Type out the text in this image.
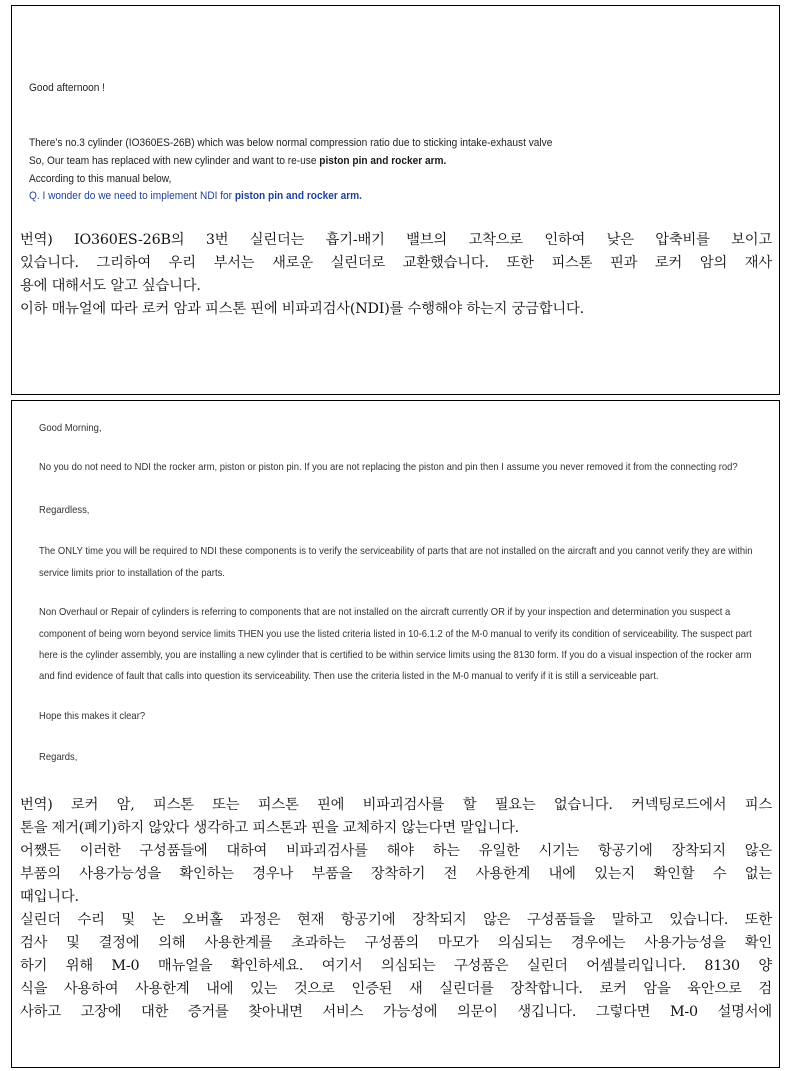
Good afternoon !
There's no.3 cylinder (IO360ES-26B) which was below normal compression ratio due to sticking intake-exhaust valve
So, Our team has replaced with new cylinder and want to re-use piston pin and rocker arm.
According to this manual below,
Q. I wonder do we need to implement NDI for piston pin and rocker arm.

번역) IO360ES-26B의 3번 실린더는 흡기-배기 밸브의 고착으로 인하여 낮은 압축비를 보이고

있습니다. 그리하여 우리 부서는 새로운 실린더로 교환했습니다. 또한 피스톤 핀과 로커 암의 재사

용에 대해서도 알고 싶습니다.

이하 매뉴얼에 따라 로커 암과 피스톤 핀에 비파괴검사(NDI)를 수행해야 하는지 궁금합니다.

Good Morning,
No you do not need to NDI the rocker arm, piston or piston pin. If you are not replacing the piston and pin then I assume you never removed it from the connecting rod?
Regardless,
The ONLY time you will be required to NDI these components is to verify the serviceability of parts that are not installed on the aircraft and you cannot verify they are within
service limits prior to installation of the parts.
Non Overhaul or Repair of cylinders is referring to components that are not installed on the aircraft currently OR if by your inspection and determination you suspect a
component of being worn beyond service limits THEN you use the listed criteria listed in 10-6.1.2 of the M-0 manual to verify its condition of serviceability. The suspect part
here is the cylinder assembly, you are installing a new cylinder that is certified to be within service limits using the 8130 form. If you do a visual inspection of the rocker arm
and find evidence of fault that calls into question its serviceability. Then use the criteria listed in the M-0 manual to verify if it is still a serviceable part.
Hope this makes it clear?
Regards,

번역) 로커 암, 피스톤 또는 피스톤 핀에 비파괴검사를 할 필요는 없습니다. 커넥팅로드에서 피스

톤을 제거(폐기)하지 않았다 생각하고 피스톤과 핀을 교체하지 않는다면 말입니다.

어쨌든 이러한 구성품들에 대하여 비파괴검사를 해야 하는 유일한 시기는 항공기에 장착되지 않은

부품의 사용가능성을 확인하는 경우나 부품을 장착하기 전 사용한계 내에 있는지 확인할 수 없는

때입니다.

실린더 수리 및 논 오버홀 과정은 현재 항공기에 장착되지 않은 구성품들을 말하고 있습니다. 또한

검사 및 결정에 의해 사용한계를 초과하는 구성품의 마모가 의심되는 경우에는 사용가능성을 확인

하기 위해 M-0 매뉴얼을 확인하세요. 여기서 의심되는 구성품은 실린더 어셈블리입니다. 8130 양

식을 사용하여 사용한계 내에 있는 것으로 인증된 새 실린더를 장착합니다. 로커 암을 육안으로 검

사하고 고장에 대한 증거를 찾아내면 서비스 가능성에 의문이 생깁니다. 그렇다면 M-0 설명서에
